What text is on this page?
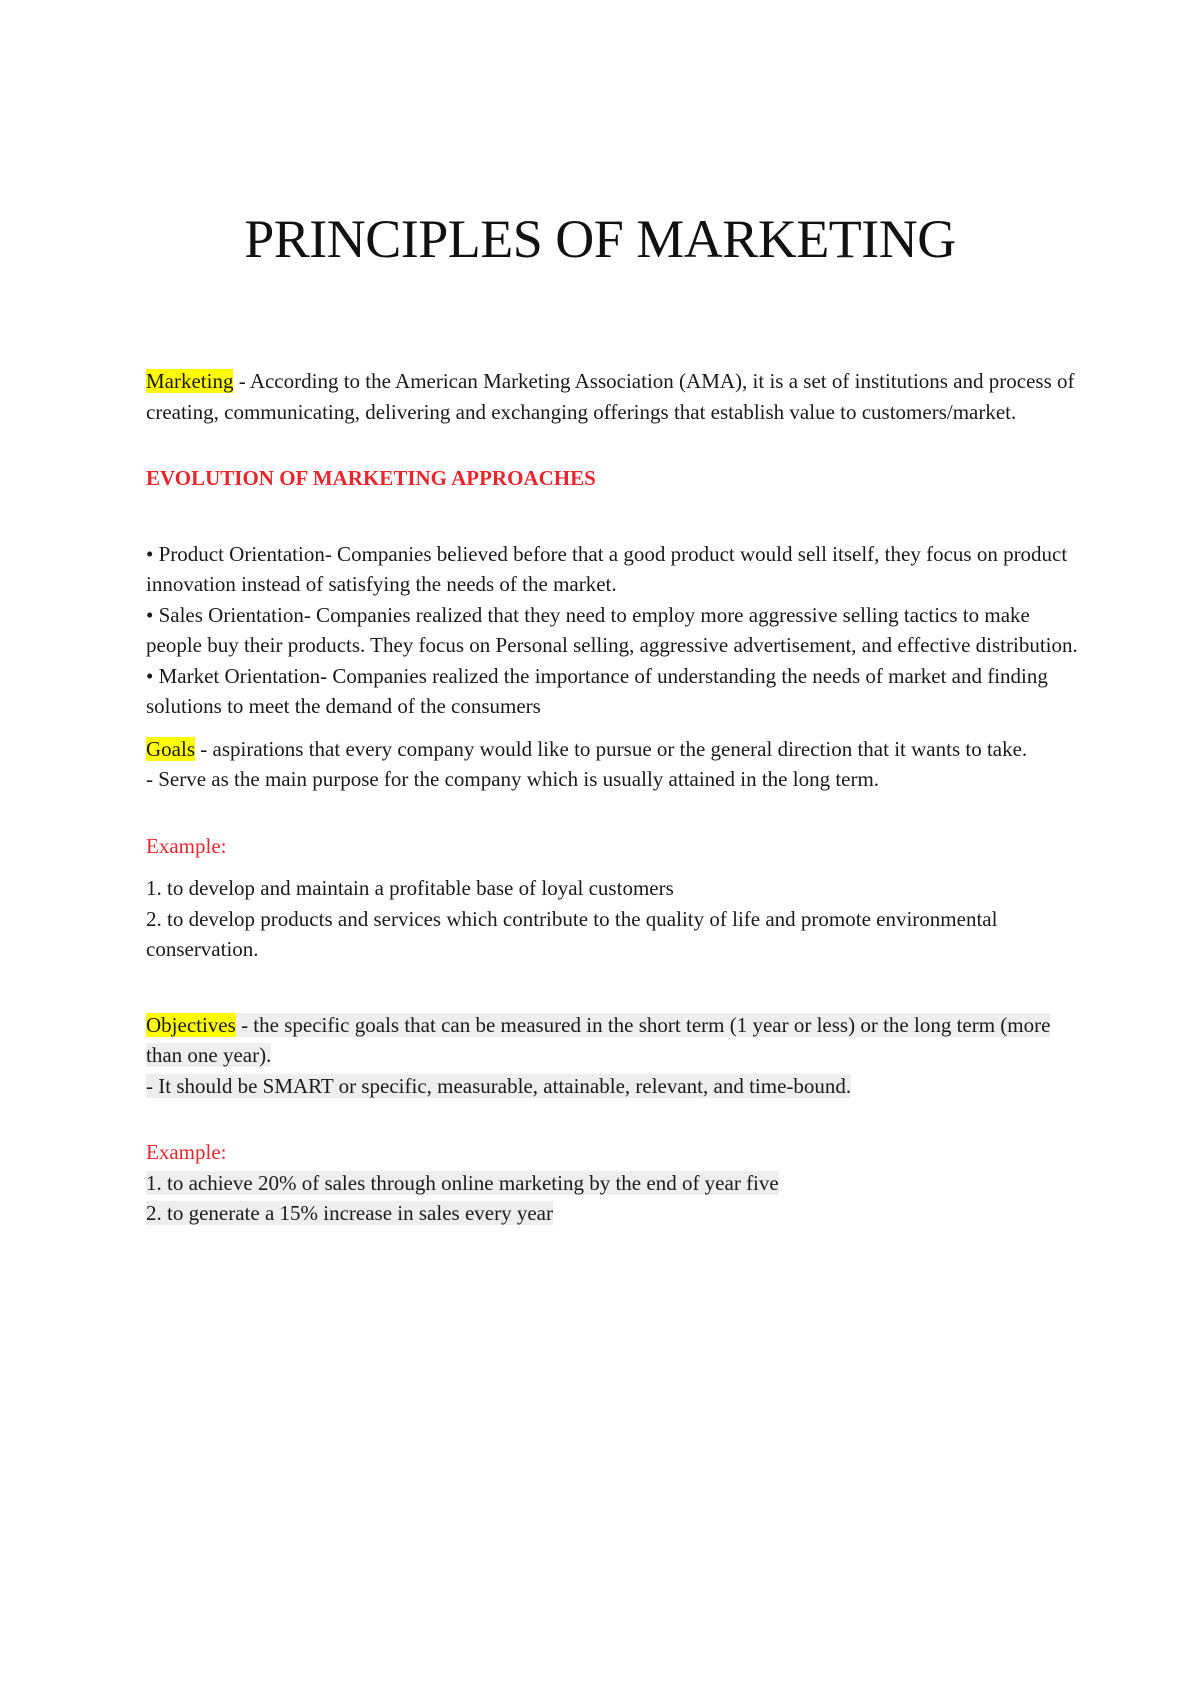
PRINCIPLES OF MARKETING

Marketing - According to the American Marketing Association (AMA), it is a set of institutions and process of creating, communicating, delivering and exchanging offerings that establish value to customers/market.

EVOLUTION OF MARKETING APPROACHES

• Product Orientation- Companies believed before that a good product would sell itself, they focus on product innovation instead of satisfying the needs of the market.

• Sales Orientation- Companies realized that they need to employ more aggressive selling tactics to make people buy their products. They focus on Personal selling, aggressive advertisement, and effective distribution.

• Market Orientation- Companies realized the importance of understanding the needs of market and finding solutions to meet the demand of the consumers

Goals - aspirations that every company would like to pursue or the general direction that it wants to take.

- Serve as the main purpose for the company which is usually attained in the long term.

Example:

1. to develop and maintain a profitable base of loyal customers

2. to develop products and services which contribute to the quality of life and promote environmental conservation.

Objectives - the specific goals that can be measured in the short term (1 year or less) or the long term (more than one year).

- It should be SMART or specific, measurable, attainable, relevant, and time-bound.

Example:

1. to achieve 20% of sales through online marketing by the end of year five

2. to generate a 15% increase in sales every year
